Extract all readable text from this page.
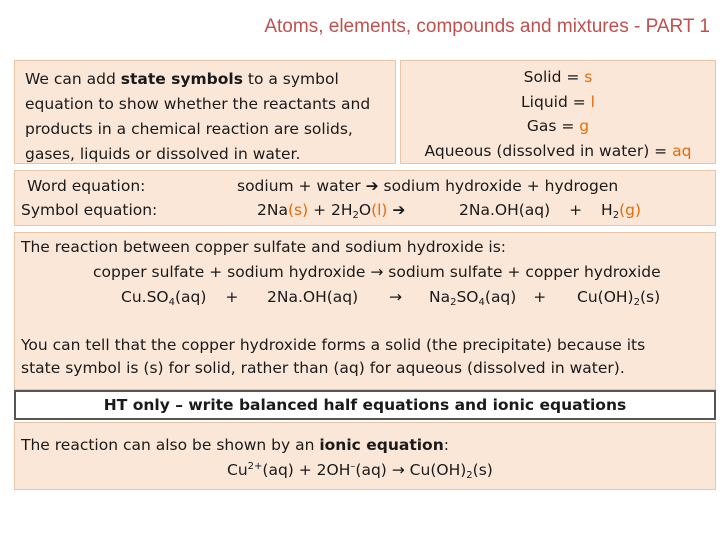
Atoms, elements, compounds and mixtures - PART 1
We can add state symbols to a symbol equation to show whether the reactants and products in a chemical reaction are solids, gases, liquids or dissolved in water.
Solid = s
Liquid = l
Gas = g
Aqueous (dissolved in water) = aq
Word equation:
Symbol equation:
sodium + water ➔ sodium hydroxide + hydrogen
$2Na(s) + 2H_2O(l)$ ➔	$2Na.OH(aq) + H_2(g)$
The reaction between copper sulfate and sodium hydroxide is:
copper sulfate + sodium hydroxide → sodium sulfate + copper hydroxide
$Cu.SO_4(aq) + 2Na.OH(aq) \to Na_2SO_4(aq) + Cu(OH)_2(s)$
You can tell that the copper hydroxide forms a solid (the precipitate) because its state symbol is (s) for solid, rather than (aq) for aqueous (dissolved in water).
HT only – write balanced half equations and ionic equations
The reaction can also be shown by an ionic equation:
$Cu^{2+}(aq) + 2OH^-(aq) \to Cu(OH)_2(s)$
